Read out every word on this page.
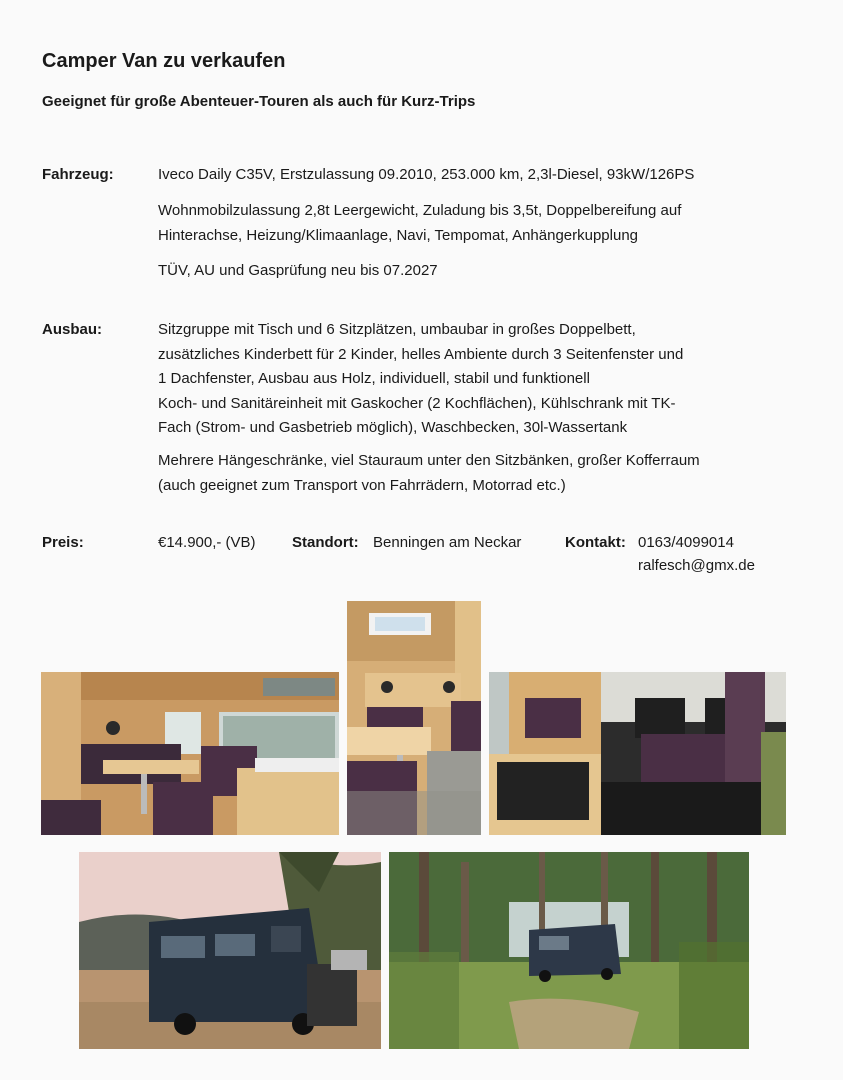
Camper Van zu verkaufen
Geeignet für große Abenteuer-Touren als auch für Kurz-Trips
Fahrzeug:	Iveco Daily C35V, Erstzulassung 09.2010, 253.000 km, 2,3l-Diesel, 93kW/126PS
Wohnmobilzulassung 2,8t Leergewicht, Zuladung bis 3,5t, Doppelbereifung auf
Hinterachse, Heizung/Klimaanlage, Navi, Tempomat, Anhängerkupplung
TÜV, AU und Gasprüfung neu bis 07.2027
Ausbau:	Sitzgruppe mit Tisch und 6 Sitzplätzen, umbaubar in großes Doppelbett,
zusätzliches Kinderbett für 2 Kinder, helles Ambiente durch 3 Seitenfenster und
1 Dachfenster, Ausbau aus Holz, individuell, stabil und funktionell
Koch- und Sanitäreinheit mit Gaskocher (2 Kochflächen), Kühlschrank mit TK-
Fach (Strom- und Gasbetrieb möglich), Waschbecken, 30l-Wassertank
Mehrere Hängeschränke, viel Stauraum unter den Sitzbänken, großer Kofferraum
(auch geeignet zum Transport von Fahrrädern, Motorrad etc.)
Preis:	€14.900,- (VB) Standort: Benningen am Neckar	Kontakt: 0163/4099014
ralfesch@gmx.de
